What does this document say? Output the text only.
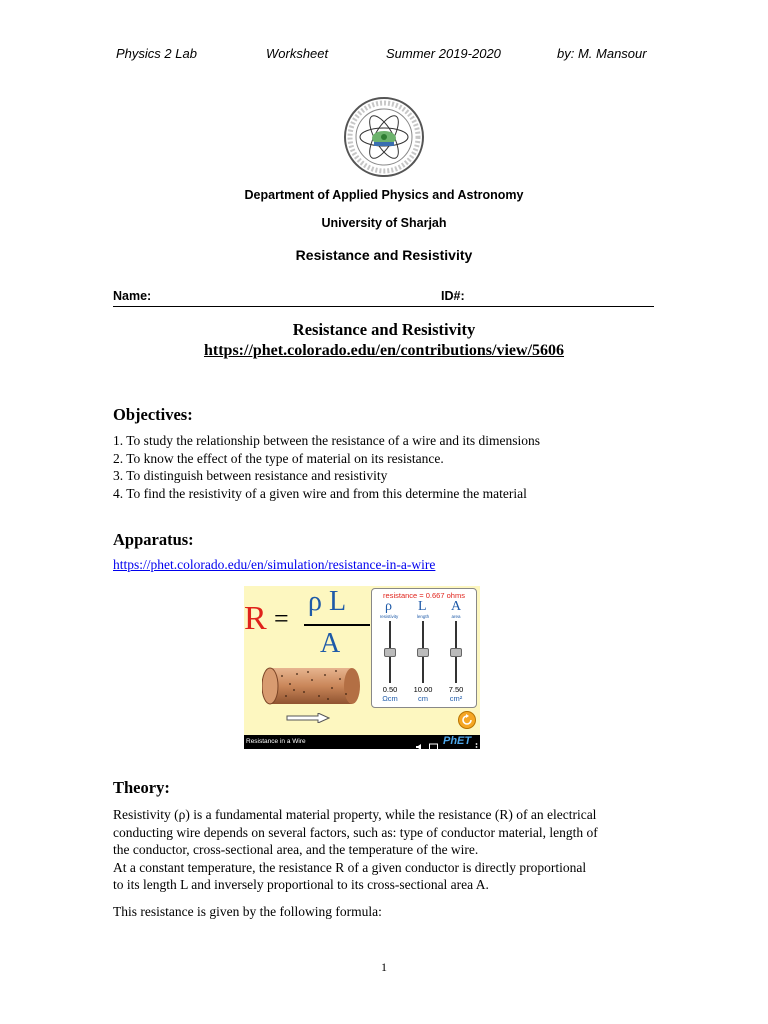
Physics 2 Lab	Worksheet	Summer 2019-2020	by: M. Mansour
Department of Applied Physics and Astronomy
University of Sharjah
Resistance and Resistivity
Name:	ID#:
Resistance and Resistivity
https://phet.colorado.edu/en/contributions/view/5606
Objectives:
1. To study the relationship between the resistance of a wire and its dimensions
2. To know the effect of the type of material on its resistance.
3. To distinguish between resistance and resistivity
4. To find the resistivity of a given wire and from this determine the material
Apparatus:
https://phet.colorado.edu/en/simulation/resistance-in-a-wire
R =
ρ L
A
resistance = 0.667 ohms
ρ L A
resistivity	length	area
0.50	10.00	7.50
Ωcm	cm	cm²
Resistance in a Wire	PhET
Theory:
Resistivity (ρ) is a fundamental material property, while the resistance (R) of an electrical
conducting wire depends on several factors, such as: type of conductor material, length of
the conductor, cross-sectional area, and the temperature of the wire.
At a constant temperature, the resistance R of a given conductor is directly proportional
to its length L and inversely proportional to its cross-sectional area A.
This resistance is given by the following formula:
1
